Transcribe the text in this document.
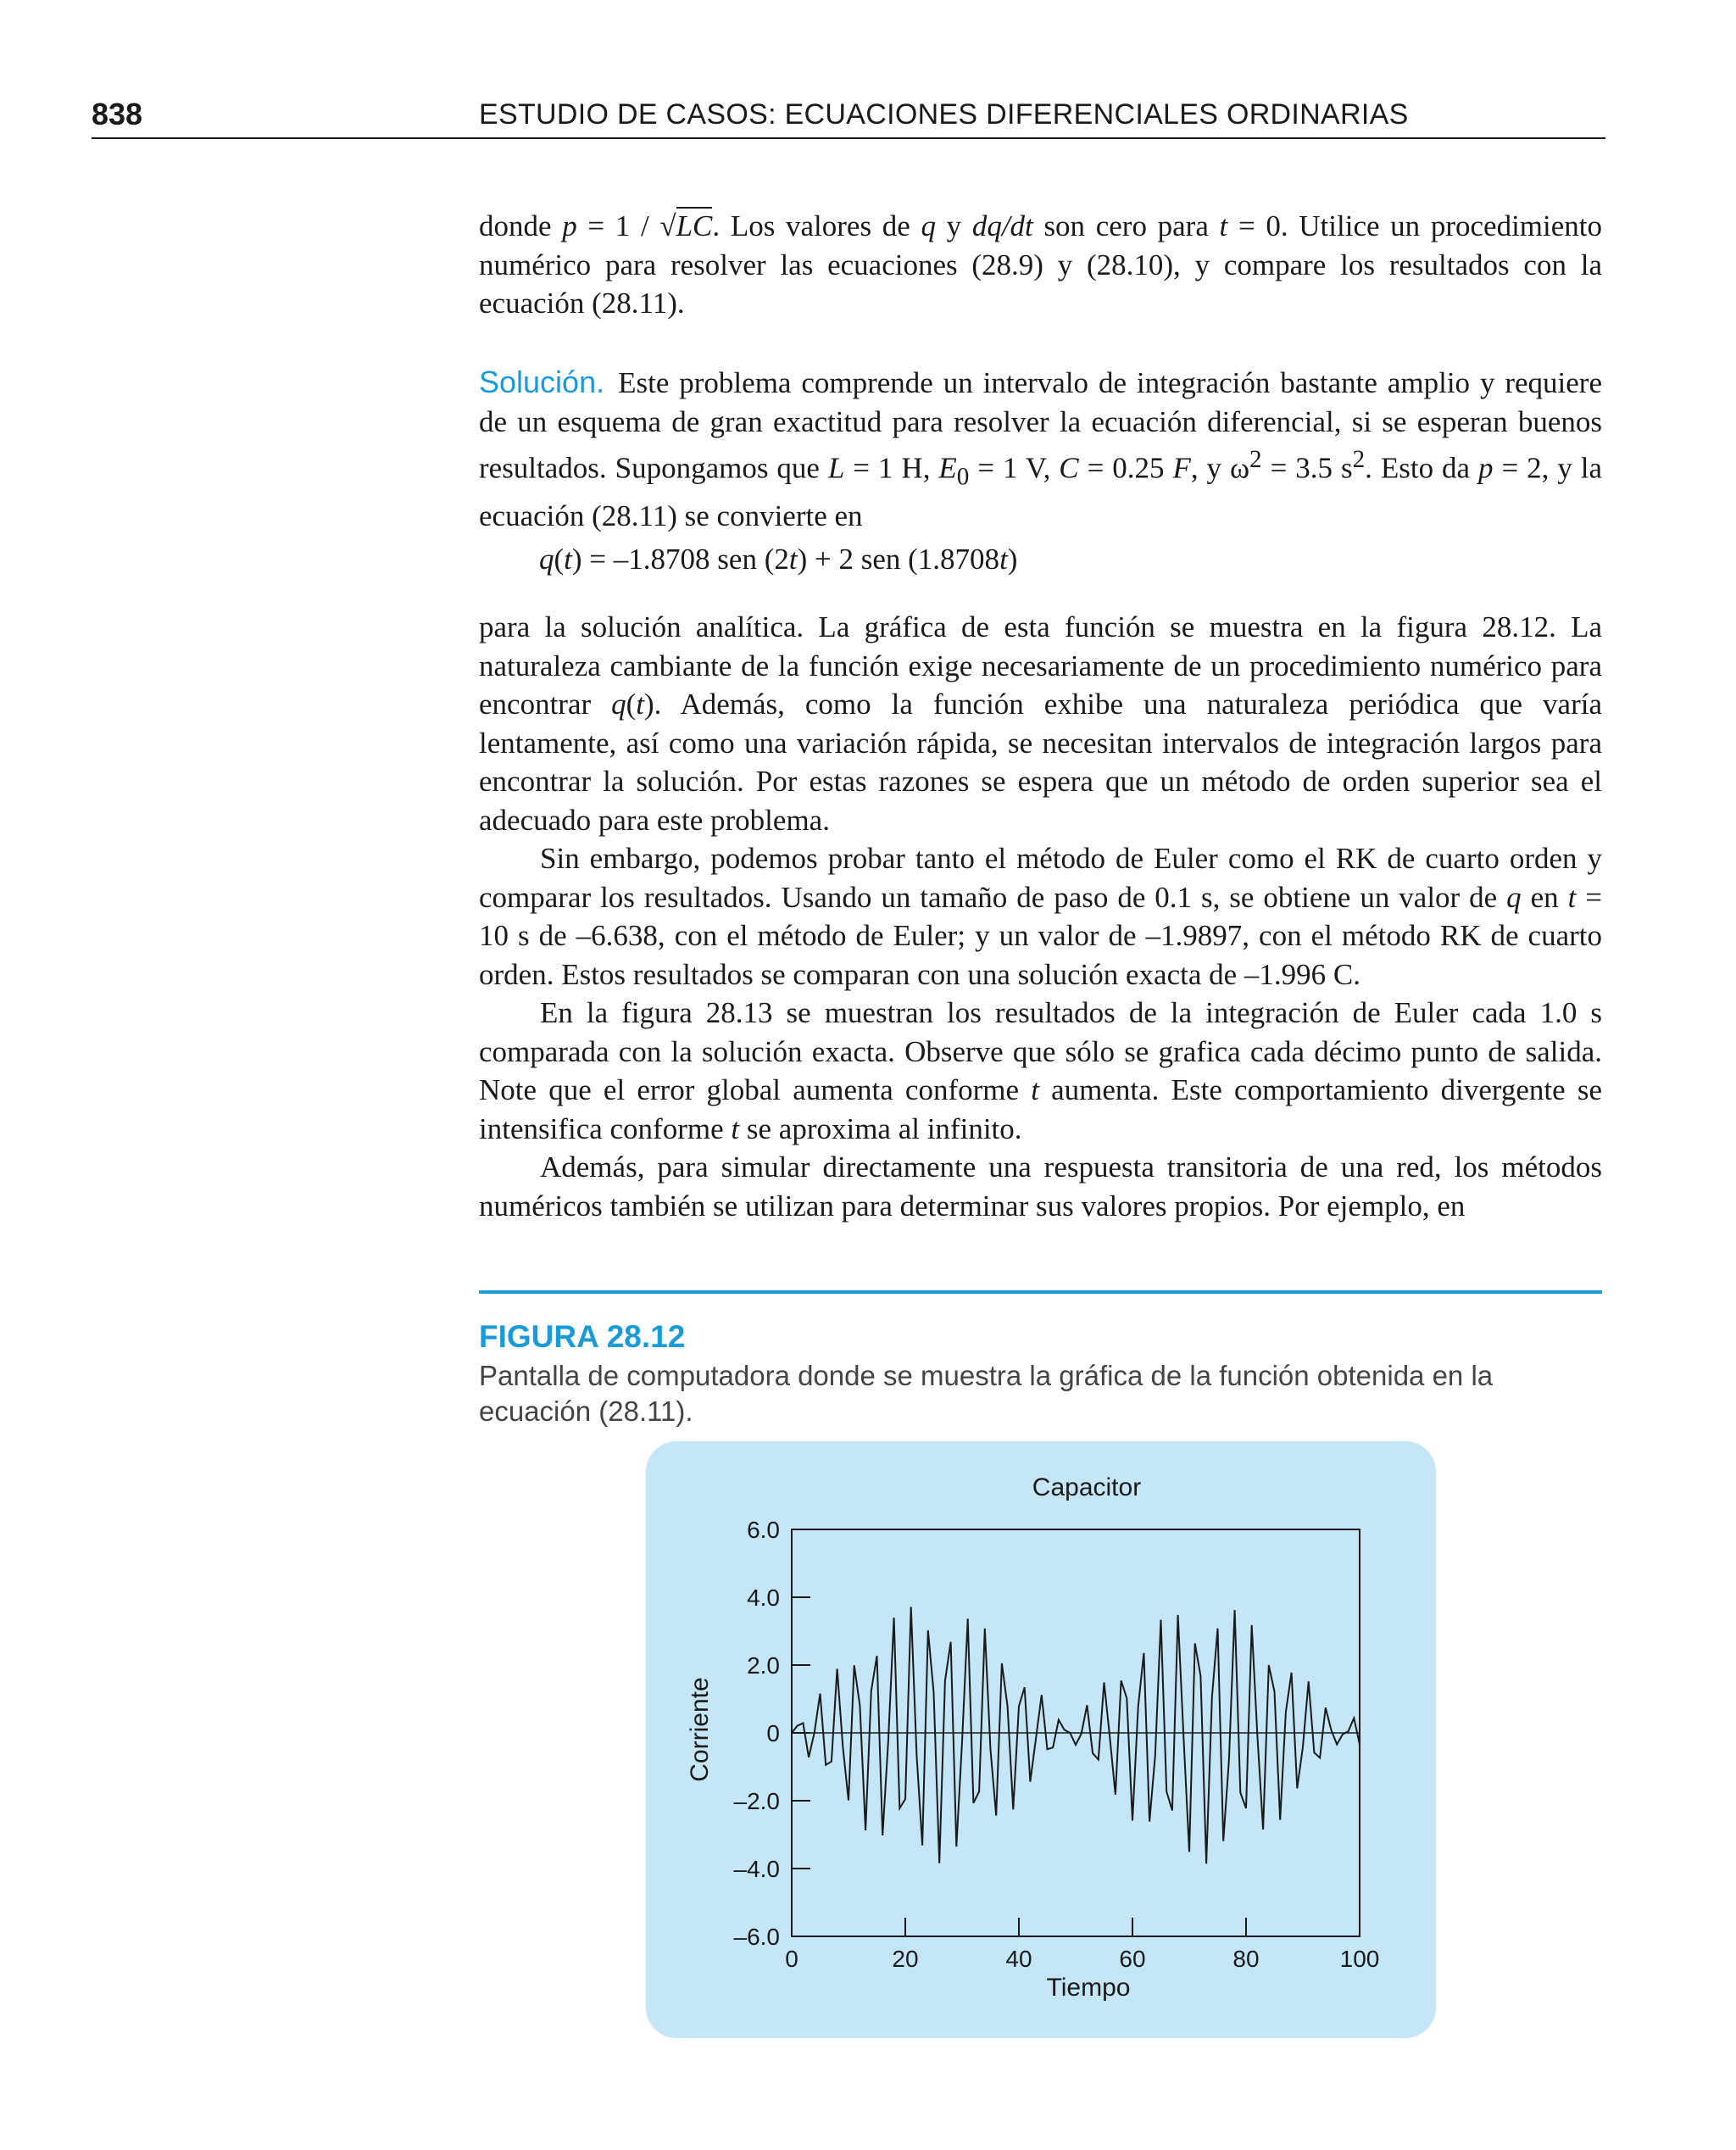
838	ESTUDIO DE CASOS: ECUACIONES DIFERENCIALES ORDINARIAS

donde p = 1 / √LC. Los valores de q y dq/dt son cero para t = 0. Utilice un procedimiento numérico para resolver las ecuaciones (28.9) y (28.10), y compare los resultados con la ecuación (28.11).

Solución. Este problema comprende un intervalo de integración bastante amplio y requiere de un esquema de gran exactitud para resolver la ecuación diferencial, si se esperan buenos resultados. Supongamos que L = 1 H, $E_0 = 1$ V, C = 0.25 F, y $\omega^2 = 3.5$ $s^2$. Esto da p = 2, y la ecuación (28.11) se convierte en

q(t) = –1.8708 sen (2t) + 2 sen (1.8708t)

para la solución analítica. La gráfica de esta función se muestra en la figura 28.12. La naturaleza cambiante de la función exige necesariamente de un procedimiento numérico para encontrar q(t). Además, como la función exhibe una naturaleza periódica que varía lentamente, así como una variación rápida, se necesitan intervalos de integración largos para encontrar la solución. Por estas razones se espera que un método de orden superior sea el adecuado para este problema.

Sin embargo, podemos probar tanto el método de Euler como el RK de cuarto orden y comparar los resultados. Usando un tamaño de paso de 0.1 s, se obtiene un valor de q en t = 10 s de –6.638, con el método de Euler; y un valor de –1.9897, con el método RK de cuarto orden. Estos resultados se comparan con una solución exacta de –1.996 C.

En la figura 28.13 se muestran los resultados de la integración de Euler cada 1.0 s comparada con la solución exacta. Observe que sólo se grafica cada décimo punto de salida. Note que el error global aumenta conforme t aumenta. Este comportamiento divergente se intensifica conforme t se aproxima al infinito.

Además, para simular directamente una respuesta transitoria de una red, los métodos numéricos también se utilizan para determinar sus valores propios. Por ejemplo, en

FIGURA 28.12
Pantalla de computadora donde se muestra la gráfica de la función obtenida en la ecuación (28.11).
6.0
4.0
2.0
0
–2.0
–4.0
–6.0
0	20	40	60	80	100
Capacitor
Tiempo
Corriente
